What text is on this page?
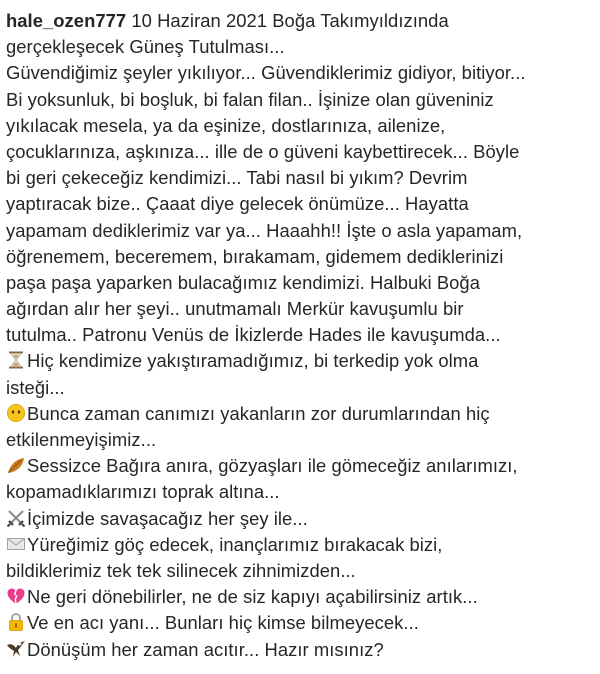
hale_ozen777 10 Haziran 2021 Boğa Takımyıldızında
gerçekleşecek Güneş Tutulması...
Güvendiğimiz şeyler yıkılıyor... Güvendiklerimiz gidiyor, bitiyor...
Bi yoksunluk, bi boşluk, bi falan filan.. İşinize olan güveniniz
yıkılacak mesela, ya da eşinize, dostlarınıza, ailenize,
çocuklarınıza, aşkınıza... ille de o güveni kaybettirecek... Böyle
bi geri çekeceğiz kendimizi... Tabi nasıl bi yıkım? Devrim
yaptıracak bize.. Çaaat diye gelecek önümüze... Hayatta
yapamam dediklerimiz var ya... Haaahh!! İşte o asla yapamam,
öğrenemem, beceremem, bırakamam, gidemem dediklerinizi
paşa paşa yaparken bulacağımız kendimizi. Halbuki Boğa
ağırdan alır her şeyi.. unutmamalı Merkür kavuşumlu bir
tutulma.. Patronu Venüs de İkizlerde Hades ile kavuşumda...
Hiç kendimize yakıştıramadığımız, bi terkedip yok olma
isteği...
Bunca zaman canımızı yakanların zor durumlarından hiç
etkilenmeyişimiz...
Sessizce Bağıra anıra, gözyaşları ile gömeceğiz anılarımızı,
kopamadıklarımızı toprak altına...
İçimizde savaşacağız her şey ile...
Yüreğimiz göç edecek, inançlarımız bırakacak bizi,
bildiklerimiz tek tek silinecek zihnimizden...
Ne geri dönebilirler, ne de siz kapıyı açabilirsiniz artık...
Ve en acı yanı... Bunları hiç kimse bilmeyecek...
Dönüşüm her zaman acıtır... Hazır mısınız?
